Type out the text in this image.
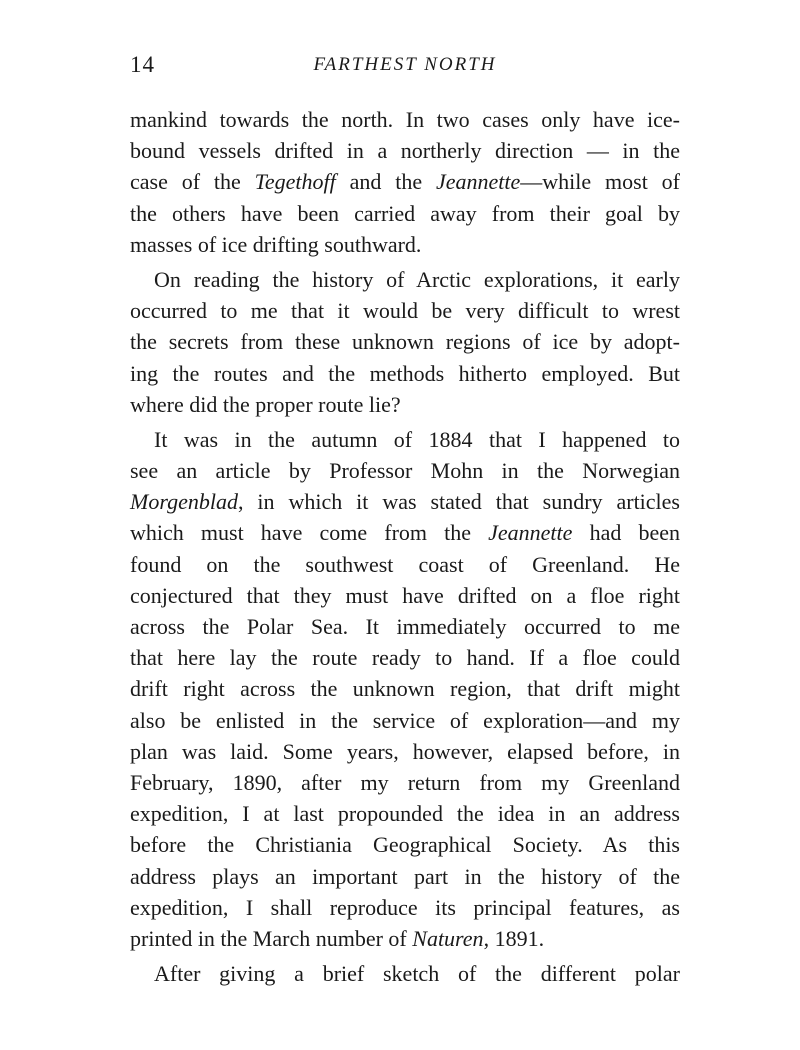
14	FARTHEST NORTH
mankind towards the north. In two cases only have ice-
bound vessels drifted in a northerly direction — in the
case of the Tegethoff and the Jeannette—while most of
the others have been carried away from their goal by
masses of ice drifting southward.
On reading the history of Arctic explorations, it early
occurred to me that it would be very difficult to wrest
the secrets from these unknown regions of ice by adopt-
ing the routes and the methods hitherto employed. But
where did the proper route lie?
It was in the autumn of 1884 that I happened to
see an article by Professor Mohn in the Norwegian
Morgenblad, in which it was stated that sundry articles
which must have come from the Jeannette had been
found on the southwest coast of Greenland. He
conjectured that they must have drifted on a floe right
across the Polar Sea. It immediately occurred to me
that here lay the route ready to hand. If a floe could
drift right across the unknown region, that drift might
also be enlisted in the service of exploration—and my
plan was laid. Some years, however, elapsed before, in
February, 1890, after my return from my Greenland
expedition, I at last propounded the idea in an address
before the Christiania Geographical Society. As this
address plays an important part in the history of the
expedition, I shall reproduce its principal features, as
printed in the March number of Naturen, 1891.
After giving a brief sketch of the different polar
